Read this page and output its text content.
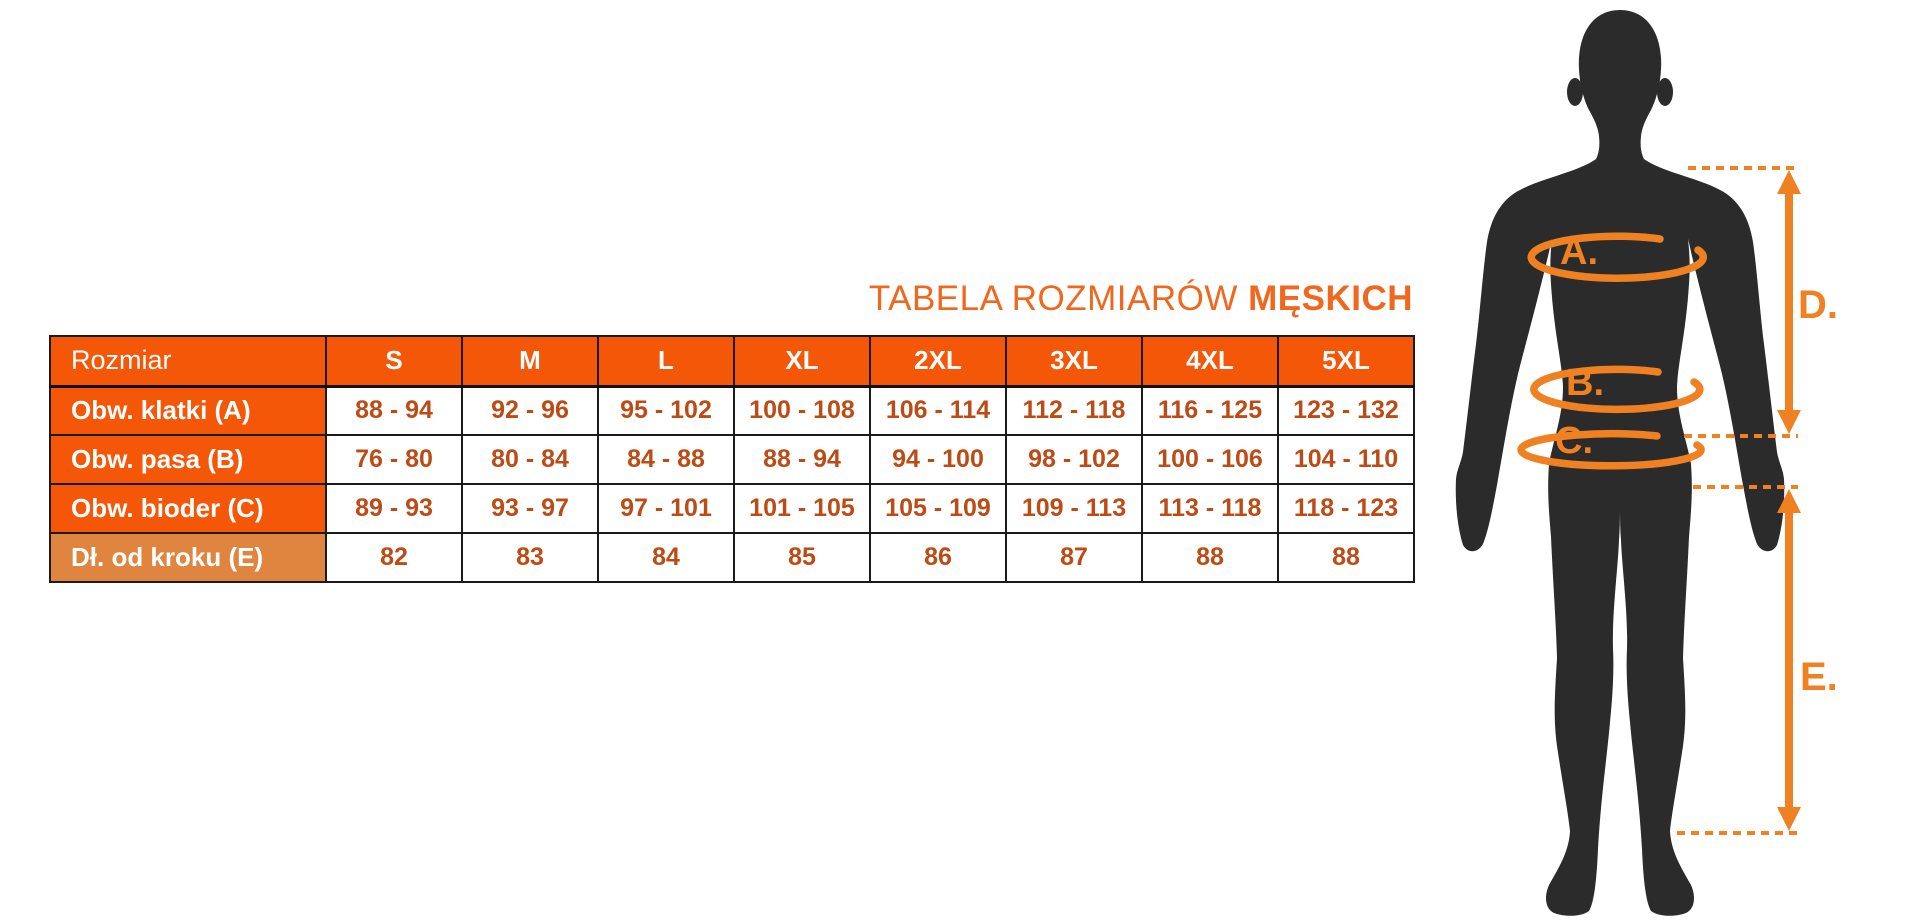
TABELA ROZMIARÓW MĘSKICH
Rozmiar	S	M	L	XL	2XL	3XL	4XL	5XL
Obw. klatki (A)	88 - 94	92 - 96	95 - 102	100 - 108	106 - 114	112 - 118	116 - 125	123 - 132
Obw. pasa (B)	76 - 80	80 - 84	84 - 88	88 - 94	94 - 100	98 - 102	100 - 106	104 - 110
Obw. bioder (C)	89 - 93	93 - 97	97 - 101	101 - 105	105 - 109	109 - 113	113 - 118	118 - 123
Dł. od kroku (E)	82	83	84	85	86	87	88	88
A.
B.
C.
D.
E.
